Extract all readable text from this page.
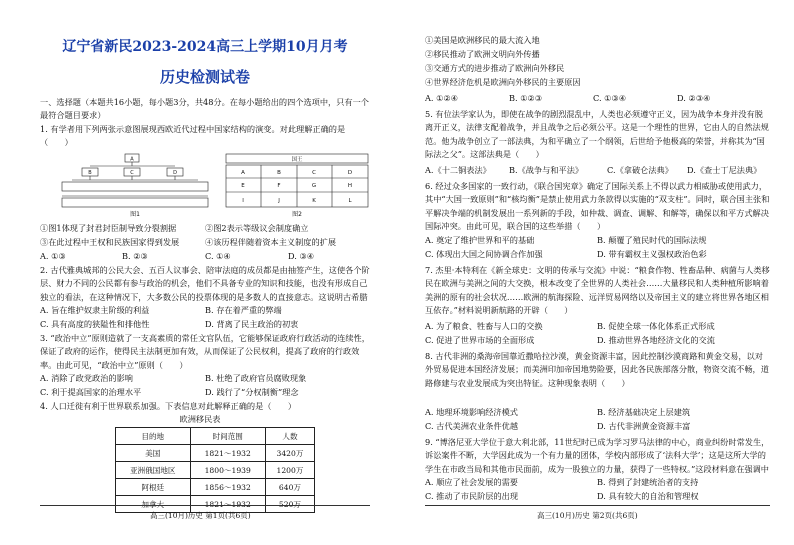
辽宁省新民2023-2024高三上学期10月月考
历史检测试卷
一、选择题（本题共16小题，每小题3分，共48分。在每小题给出的四个选项中，只有一个最符合题目要求）
1. 有学者用下列两张示意图展现西欧近代过程中国家结构的演变。对此理解正确的是（　　）
A
B	C	D
图1
国王
A	B	C	D
E	F	G	H
I	J	K	L
图2
①图1体现了封君封臣制导致分裂割据	②图2表示等级议会制度确立
③在此过程中王权和民族国家得到发展	④该历程伴随着资本主义制度的扩展
A. ①③	B. ②③	C. ①④	D. ③④
2. 古代雅典城邦的公民大会、五百人议事会、陪审法庭的成员都是由抽签产生，这使各个阶层、财力不同的公民都有参与政治的机会，他们不具备专业的知识和技能，也没有形成自己独立的看法，在这种情况下，大多数公民的投票体现的是多数人的直接意志。这说明古希腊　　
A. 旨在维护奴隶主阶级的利益	B. 存在着严重的弊端
C. 具有高度的狭隘性和排他性	D. 背离了民主政治的初衷
3. “政治中立”原则造就了一支高素质的常任文官队伍，它能够保证政府行政活动的连续性，保证了政府的运作，使得民主法制更加有效，从而保证了公民权利，提高了政府的行政效率。由此可见，“政治中立”原则（　　）
A. 消除了政党政治的影响	B. 杜绝了政府官员腐败现象
C. 利于提高国家的治理水平	D. 践行了“分权制衡”理念
4. 人口迁徙有利于世界联系加强。下表信息对此解释正确的是（　　）
欧洲移民表
目的地	时间范围	人数
美国	1821～1932	3420万
亚洲俄国地区	1800～1939	1200万
阿根廷	1856～1932	640万
加拿大	1821～1932	520万
高三(10月)历史 第1页(共6页)
①美国是欧洲移民的最大流入地
②移民推动了欧洲文明向外传播
③交通方式的进步推动了欧洲向外移民
④世界经济危机是欧洲向外移民的主要原因
A. ①②④	B. ①②③	C. ①③④	D. ②③④
5. 有位法学家认为，即使在战争的剧烈混乱中，人类也必须遵守正义，因为战争本身并没有脱离开正义，法律支配着战争，并且战争之后必须公平。这是一个理性的世界，它由人的自然法规范。他为战争创立了一部法典，为和平确立了一个纲领，后世给予他极高的荣誉，并称其为“国际法之父”。这部法典是（　　）
A.《十二铜表法》 B.《战争与和平法》	C.《拿破仑法典》 D.《查士丁尼法典》
6. 经过众多国家的一致行动，《联合国宪章》确定了国际关系上不得以武力相威胁或使用武力，其中“大国一致原则”和“核均衡”是禁止使用武力条款得以实施的“双支柱”。同时，联合国主张和平解决争端的机制发展出一系列新的手段，如仲裁、调查、调解、和解等，确保以和平方式解决国际冲突。由此可见，联合国的这些举措（　　）
A. 奠定了维护世界和平的基础	B. 颠覆了殖民时代的国际法规
C. 体现出大国之间协调合作加强	D. 带有霸权主义强权政治色彩
7. 杰里·本特利在《新全球史：文明的传承与交流》中说：“粮食作物、牲畜品种、病菌与人类移民在欧洲与美洲之间的大交换，根本改变了全世界的人类社会……大量移民和人类种植所影响着美洲的原有的社会状况……欧洲的航海探险、远洋贸易网络以及帝国主义的建立将世界各地区相互依存。”材料说明新航路的开辟（　　）
A. 为了粮食、牲畜与人口的交换	B. 促使全球一体化体系正式形成
C. 促进了世界市场的全面形成	D. 推动世界各地经济文化的交流
8. 古代非洲的桑海帝国靠近撒哈拉沙漠，黄金资源丰富，因此控制沙漠商路和黄金交易，以对外贸易促进本国经济发展；而美洲印加帝国地势险要，因此各民族部落分散，物资交流不畅，道路修建与农业发展成为突出特征。这种现象表明（　　）
A. 地理环境影响经济模式	B. 经济基础决定上层建筑
C. 古代美洲农业条件优越	D. 古代非洲黄金资源丰富
9. “博洛尼亚大学位于意大利北部，11世纪时已成为学习罗马法律的中心，商业纠纷时常发生，诉讼案件不断，大学因此成为一个有力量的团体，学校内部形成了‘法科大学’；这是这所大学的学生在市政当局和其他市民面前，成为一股独立的力量，获得了一些特权。”这段材料意在强调中　　
A. 顺应了社会发展的需要	B. 得到了封建统治者的支持
C. 推动了市民阶层的出现	D. 具有较大的自治和管理权
高三(10月)历史 第2页(共6页)
